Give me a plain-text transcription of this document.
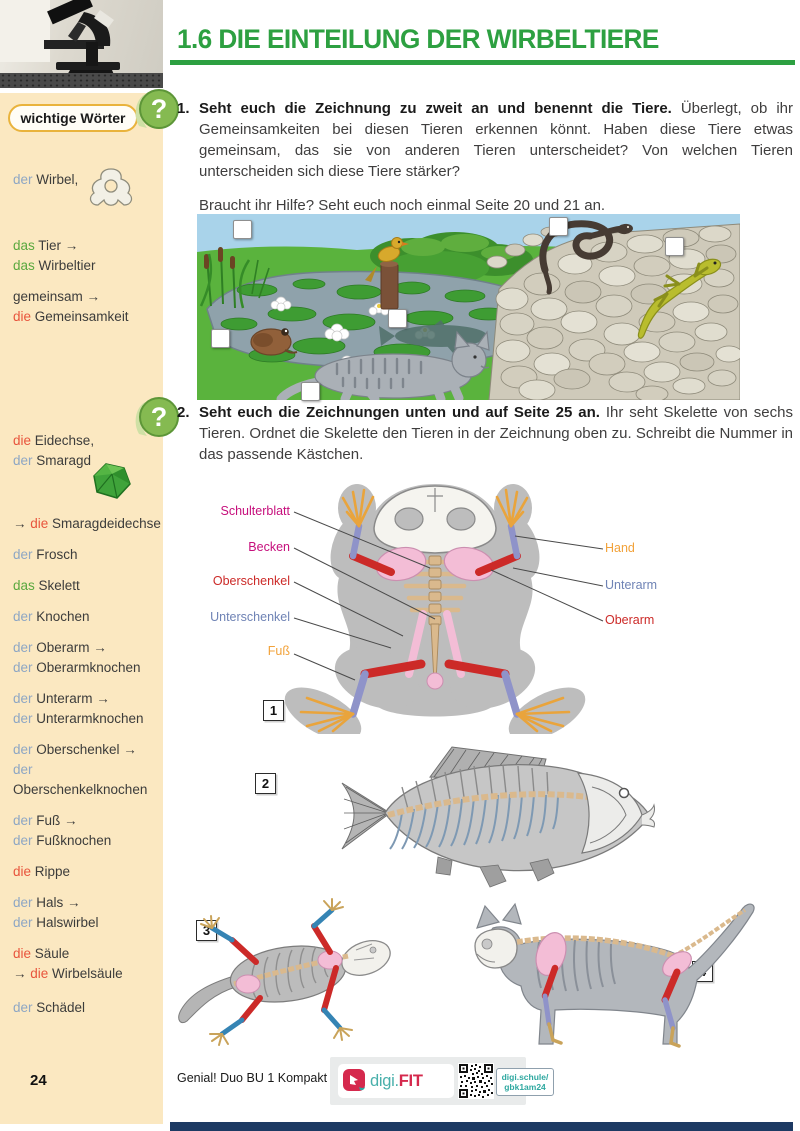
1.6 DIE EINTEILUNG DER WIRBELTIERE
wichtige Wörter
der Wirbel,
das Tier →
das Wirbeltier
gemeinsam →
die Gemeinsamkeit
die Eidechse,
der Smaragd
→ die Smaragdeidechse
der Frosch
das Skelett
der Knochen
der Oberarm →
der Oberarmknochen
der Unterarm →
der Unterarmknochen
der Oberschenkel →
der
Oberschenkelknochen
der Fuß →
der Fußknochen
die Rippe
der Hals →
der Halswirbel
die Säule
→ die Wirbelsäule
der Schädel
24
?
?
1. Seht euch die Zeichnung zu zweit an und benennt die Tiere. Überlegt, ob ihr Gemeinsamkeiten bei diesen Tieren erkennen könnt. Haben diese Tiere etwas gemeinsam, das sie von anderen Tieren unterscheidet? Von welchen Tieren unterscheiden sich diese Tiere stärker?

Braucht ihr Hilfe? Seht euch noch einmal Seite 20 und 21 an.

2. Seht euch die Zeichnungen unten und auf Seite 25 an. Ihr seht Skelette von sechs Tieren. Ordnet die Skelette den Tieren in der Zeichnung oben zu. Schreibt die Nummer in das passende Kästchen.

Schulterblatt
Becken
Oberschenkel
Unterschenkel
Fuß
Hand
Unterarm
Oberarm
1
2
3
Genial! Duo BU 1 Kompakt	digi. FIT	digi.schule/
gbk1am24
